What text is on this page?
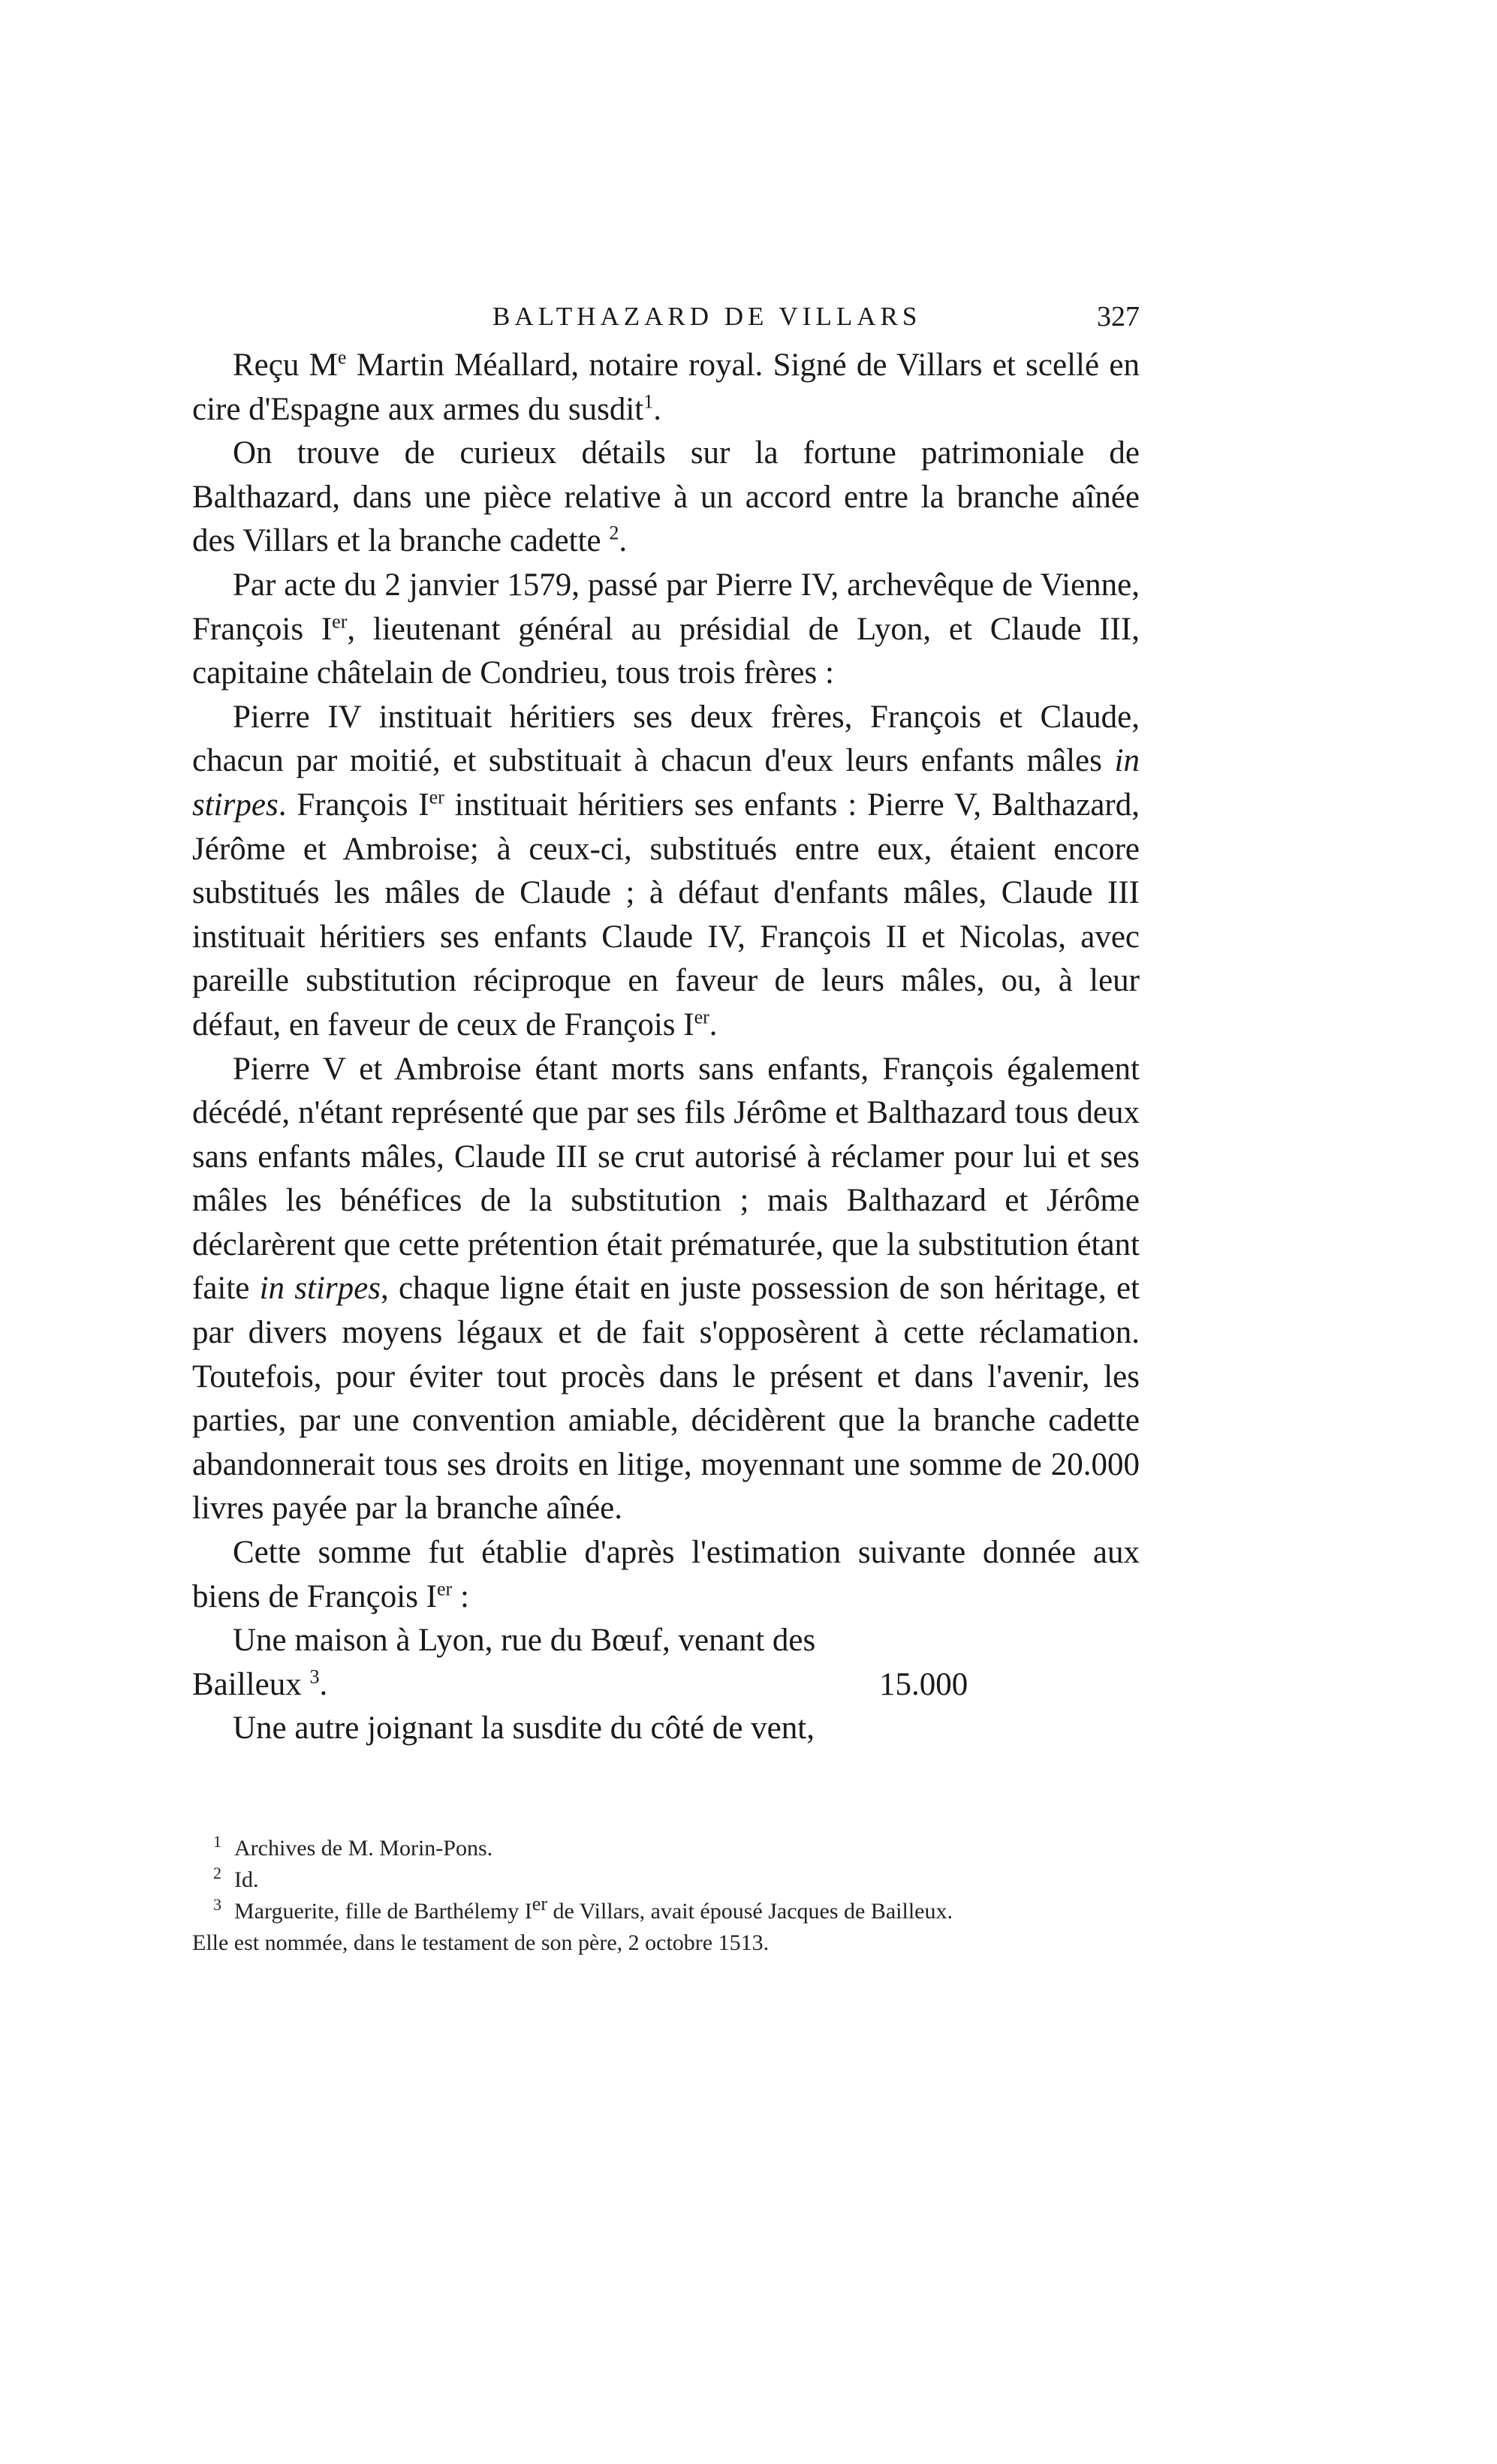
BALTHAZARD DE VILLARS	327

Reçu Me Martin Méallard, notaire royal. Signé de Villars et scellé en cire d'Espagne aux armes du susdit$^1$.

On trouve de curieux détails sur la fortune patrimoniale de Balthazard, dans une pièce relative à un accord entre la branche aînée des Villars et la branche cadette $^2$.

Par acte du 2 janvier 1579, passé par Pierre IV, archevêque de Vienne, François Ier, lieutenant général au présidial de Lyon, et Claude III, capitaine châtelain de Condrieu, tous trois frères :

Pierre IV instituait héritiers ses deux frères, François et Claude, chacun par moitié, et substituait à chacun d'eux leurs enfants mâles in stirpes. François Ier instituait héritiers ses enfants : Pierre V, Balthazard, Jérôme et Ambroise; à ceux-ci, substitués entre eux, étaient encore substitués les mâles de Claude ; à défaut d'enfants mâles, Claude III instituait héritiers ses enfants Claude IV, François II et Nicolas, avec pareille substitution réciproque en faveur de leurs mâles, ou, à leur défaut, en faveur de ceux de François Ier.

Pierre V et Ambroise étant morts sans enfants, François également décédé, n'étant représenté que par ses fils Jérôme et Balthazard tous deux sans enfants mâles, Claude III se crut autorisé à réclamer pour lui et ses mâles les bénéfices de la substitution ; mais Balthazard et Jérôme déclarèrent que cette prétention était prématurée, que la substitution étant faite in stirpes, chaque ligne était en juste possession de son héritage, et par divers moyens légaux et de fait s'opposèrent à cette réclamation. Toutefois, pour éviter tout procès dans le présent et dans l'avenir, les parties, par une convention amiable, décidèrent que la branche cadette abandonnerait tous ses droits en litige, moyennant une somme de 20.000 livres payée par la branche aînée.

Cette somme fut établie d'après l'estimation suivante donnée aux biens de François Ier :

Une maison à Lyon, rue du Bœuf, venant des
Bailleux $^3$.	15.000
Une autre joignant la susdite du côté de vent,

1 Archives de M. Morin-Pons.

2 Id.

3 Marguerite, fille de Barthélemy Ier de Villars, avait épousé Jacques de Bailleux.

Elle est nommée, dans le testament de son père, 2 octobre 1513.
